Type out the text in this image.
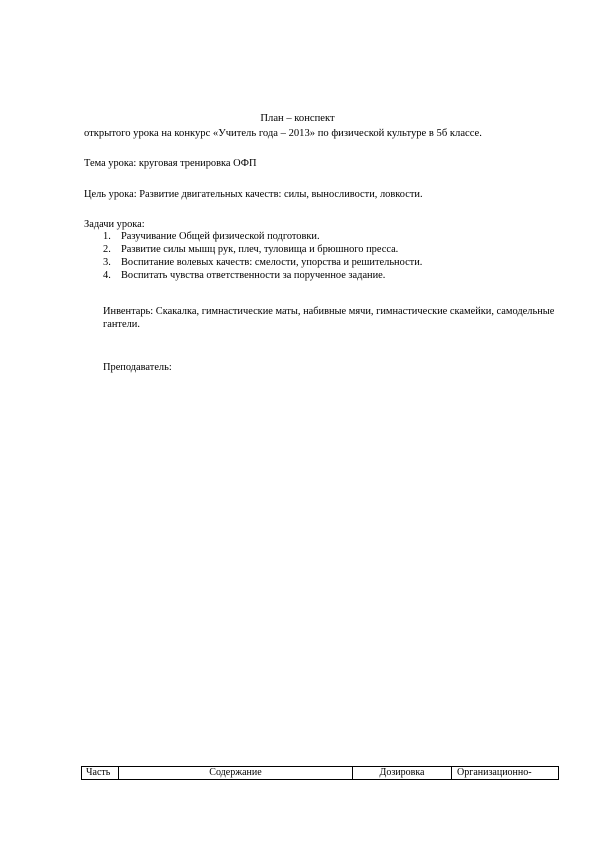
План – конспект
открытого урока на конкурс «Учитель года – 2013» по физической культуре в 5б классе.
Тема урока: круговая тренировка ОФП
Цель урока: Развитие двигательных качеств: силы, выносливости, ловкости.
Задачи урока:
1. Разучивание Общей физической подготовки.
2. Развитие силы мышц рук, плеч, туловища и брюшного пресса.
3. Воспитание волевых качеств: смелости, упорства и решительности.
4. Воспитать чувства ответственности за порученное задание.
Инвентарь: Скакалка, гимнастические маты, набивные мячи, гимнастические скамейки, самодельные гантели.
Преподаватель:
Часть	Содержание	Дозировка	Организационно-
